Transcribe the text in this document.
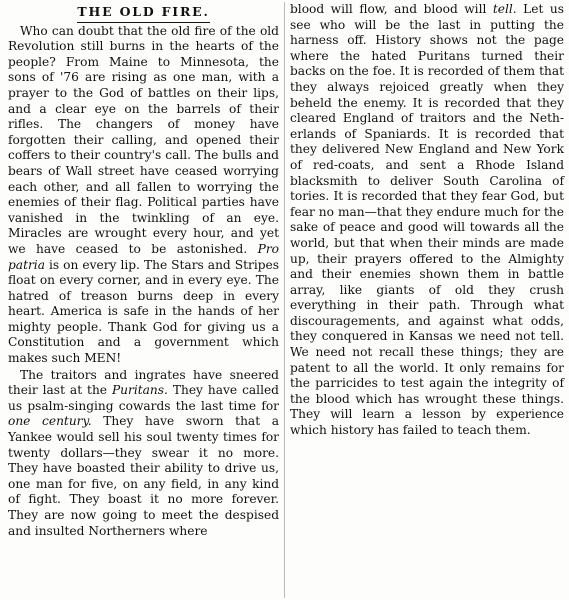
THE OLD FIRE.

Who can doubt that the old fire of the old Revolution still burns in the hearts of the people? From Maine to Minnesota, the sons of '76 are rising as one man, with a prayer to the God of battles on their lips, and a clear eye on the barrels of their rifles. The changers of money have forgotten their calling, and opened their coffers to their country's call. The bulls and bears of Wall street have ceased worrying each other, and all fallen to worrying the enemies of their flag. Political parties have vanished in the twinkling of an eye. Miracles are wrought every hour, and yet we have ceased to be astonished. Pro patria is on every lip. The Stars and Stripes float on every corner, and in every eye. The hatred of treason burns deep in every heart. America is safe in the hands of her mighty people. Thank God for giving us a Constitution and a government which makes such MEN!

The traitors and ingrates have sneered their last at the Puritans. They have called us psalm-singing cowards the last time for one century. They have sworn that a Yankee would sell his soul twenty times for twenty dollars—they swear it no more. They have boasted their ability to drive us, one man for five, on any field, in any kind of fight. They boast it no more forever. They are now going to meet the despised and insulted Northerners where

blood will flow, and blood will tell. Let us see who will be the last in putting the harness off. History shows not the page where the hated Puritans turned their backs on the foe. It is recorded of them that they always rejoiced greatly when they beheld the enemy. It is recorded that they cleared England of traitors and the Neth-erlands of Spaniards. It is recorded that they delivered New England and New York of red-coats, and sent a Rhode Island blacksmith to deliver South Carolina of tories. It is recorded that they fear God, but fear no man—that they endure much for the sake of peace and good will towards all the world, but that when their minds are made up, their prayers offered to the Almighty and their enemies shown them in battle array, like giants of old they crush everything in their path. Through what discouragements, and against what odds, they conquered in Kansas we need not tell. We need not recall these things; they are patent to all the world. It only remains for the parricides to test again the integrity of the blood which has wrought these things. They will learn a lesson by experience which history has failed to teach them.
